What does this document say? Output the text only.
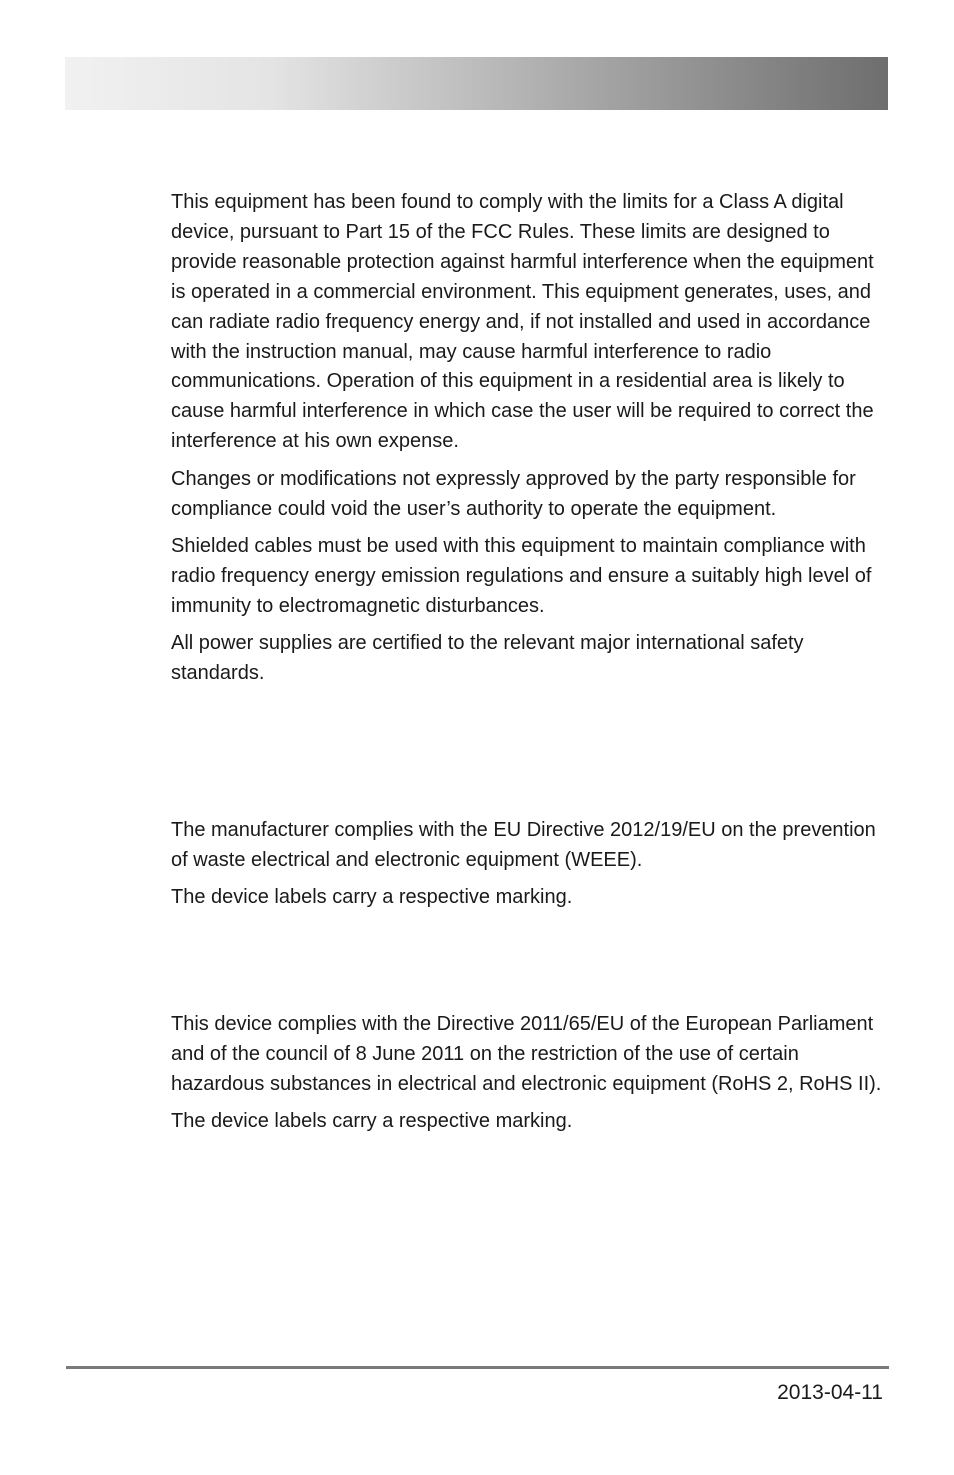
This equipment has been found to comply with the limits for a Class A digital device, pursuant to Part 15 of the FCC Rules. These limits are designed to provide reasonable protection against harmful interference when the equipment is operated in a commercial environment. This equipment generates, uses, and can radiate radio frequency energy and, if not installed and used in accordance with the instruction manual, may cause harmful interference to radio communications. Operation of this equipment in a residential area is likely to cause harmful interference in which case the user will be required to correct the interference at his own expense.

Changes or modifications not expressly approved by the party responsible for compliance could void the user’s authority to operate the equipment.

Shielded cables must be used with this equipment to maintain compliance with radio frequency energy emission regulations and ensure a suitably high level of immunity to electromagnetic disturbances.

All power supplies are certified to the relevant major international safety standards.

The manufacturer complies with the EU Directive 2012/19/EU on the prevention of waste electrical and electronic equipment (WEEE).

The device labels carry a respective marking.

This device complies with the Directive 2011/65/EU of the European Parliament and of the council of 8 June 2011 on the restriction of the use of certain hazardous substances in electrical and electronic equipment (RoHS 2, RoHS II).

The device labels carry a respective marking.

2013-04-11
